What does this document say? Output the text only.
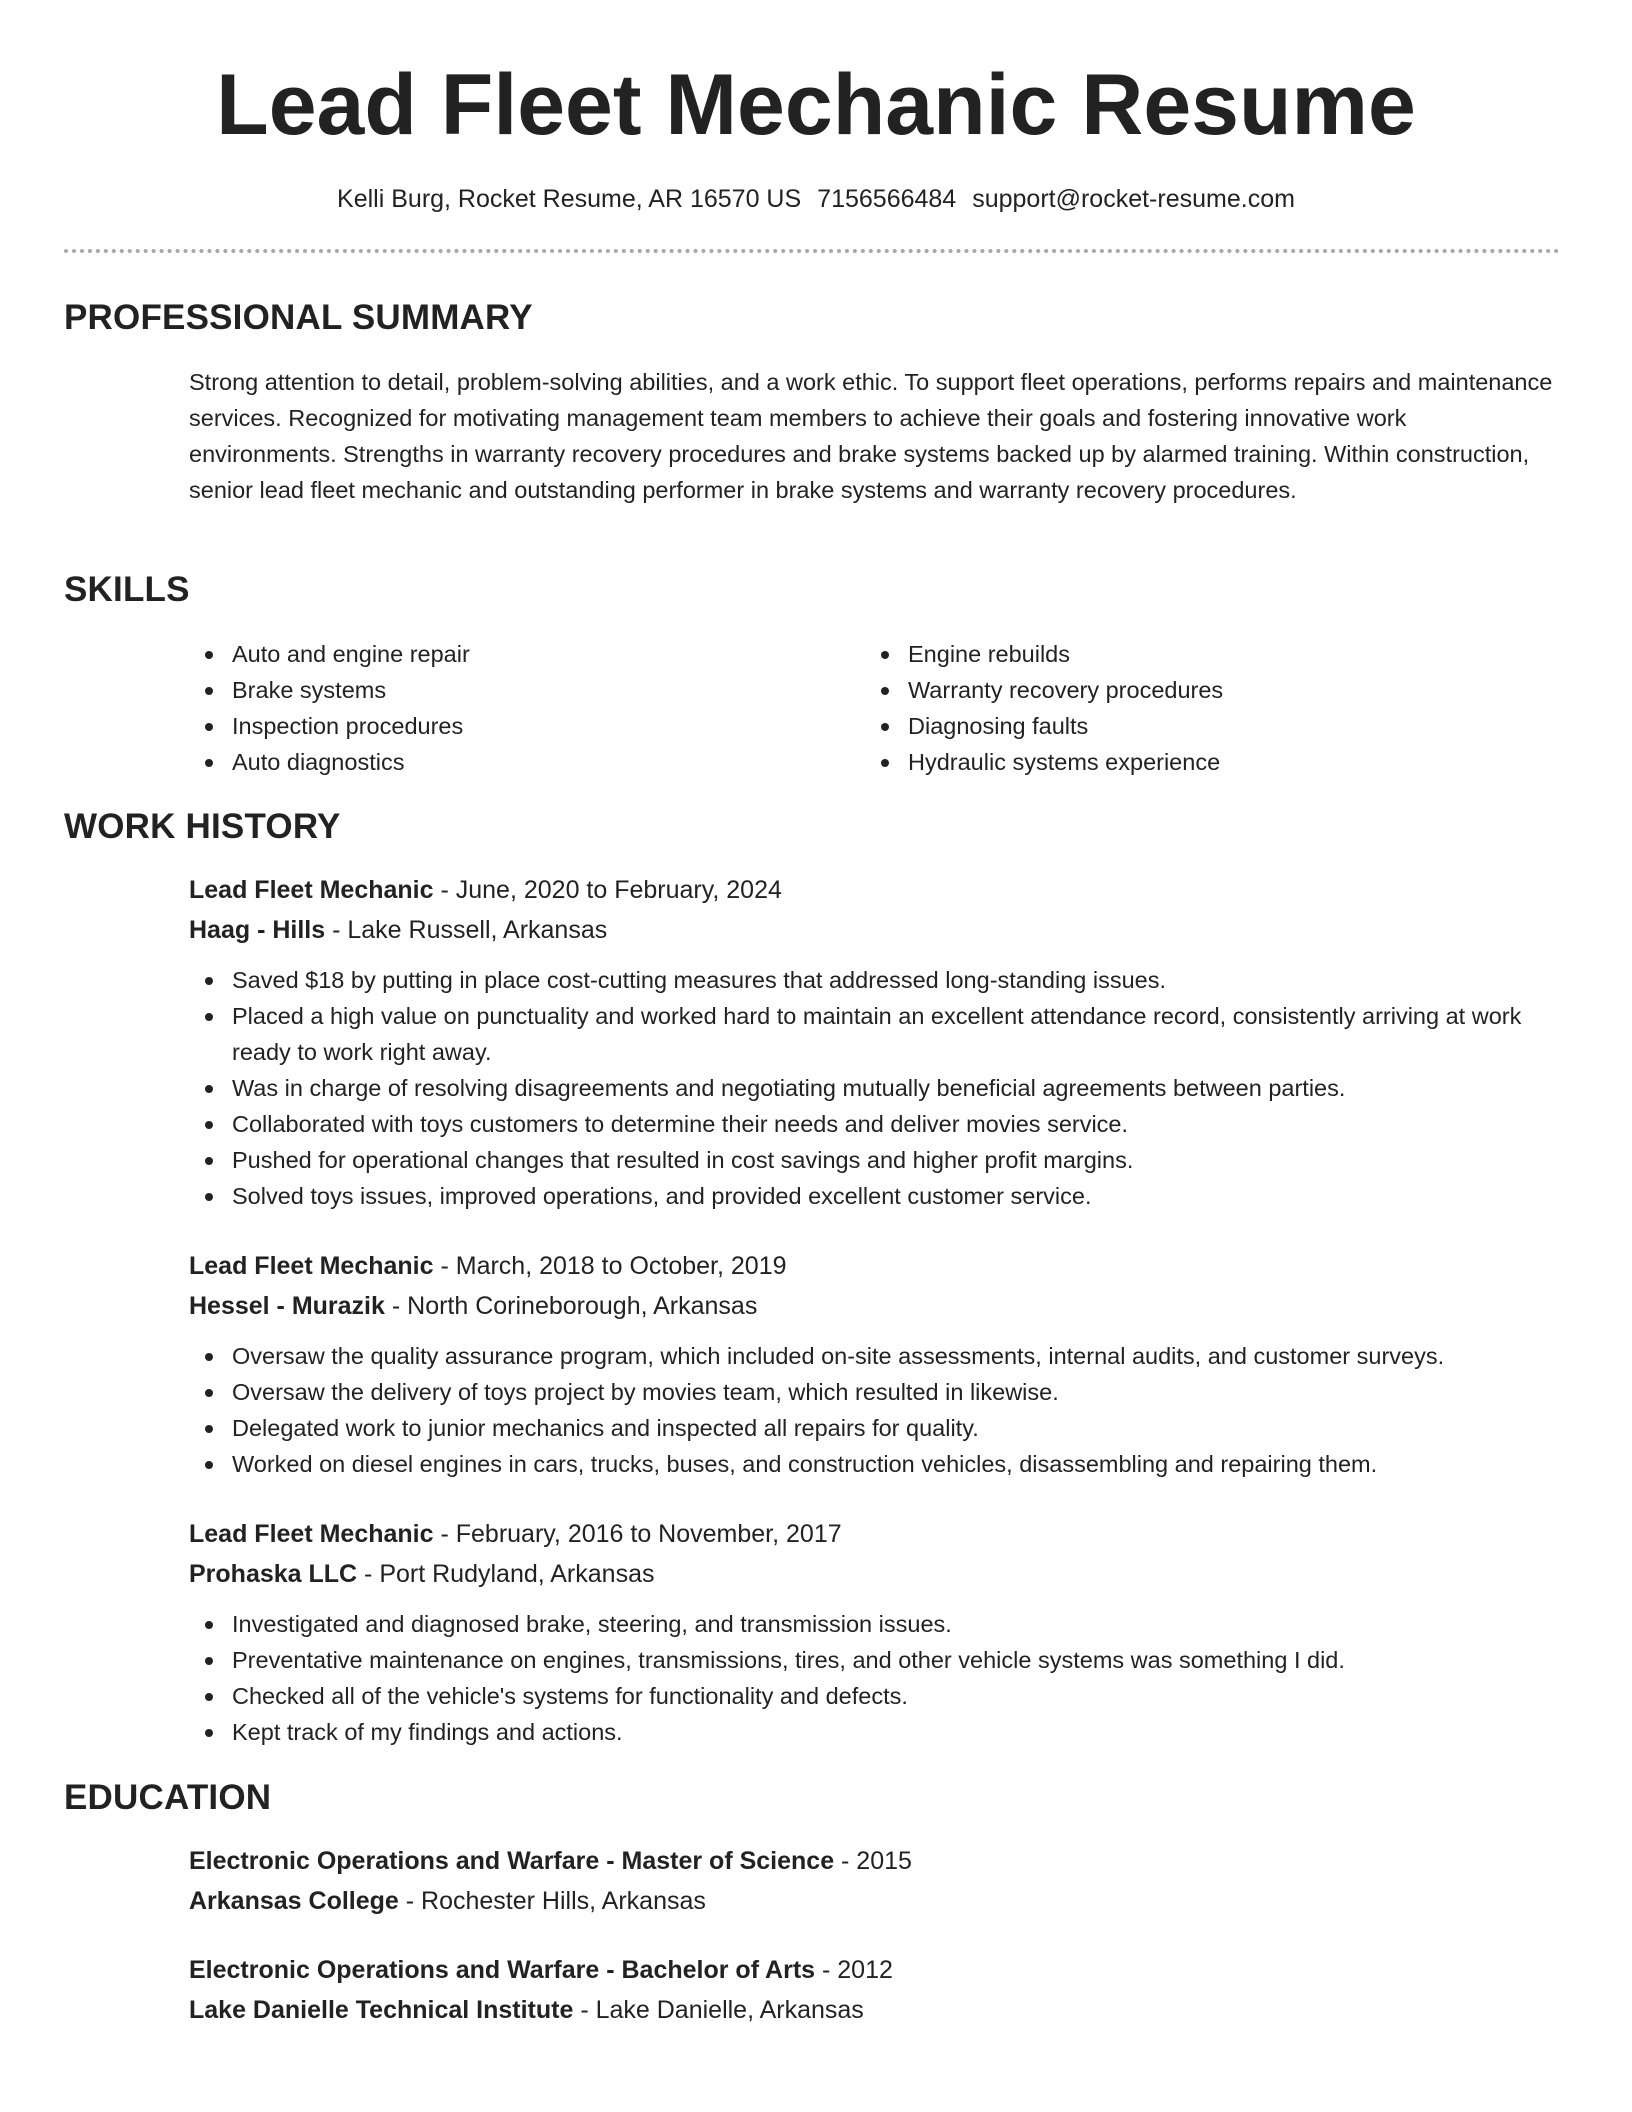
Lead Fleet Mechanic Resume
Kelli Burg, Rocket Resume, AR 16570 US 7156566484 support@rocket-resume.com
PROFESSIONAL SUMMARY

Strong attention to detail, problem-solving abilities, and a work ethic. To support fleet operations, performs repairs and maintenance services. Recognized for motivating management team members to achieve their goals and fostering innovative work environments. Strengths in warranty recovery procedures and brake systems backed up by alarmed training. Within construction, senior lead fleet mechanic and outstanding performer in brake systems and warranty recovery procedures.

SKILLS
Auto and engine repair
Brake systems
Inspection procedures
Auto diagnostics
Engine rebuilds
Warranty recovery procedures
Diagnosing faults
Hydraulic systems experience
WORK HISTORY
Lead Fleet Mechanic - June, 2020 to February, 2024
Haag - Hills - Lake Russell, Arkansas
Saved $18 by putting in place cost-cutting measures that addressed long-standing issues.
Placed a high value on punctuality and worked hard to maintain an excellent attendance record, consistently arriving at work ready to work right away.
Was in charge of resolving disagreements and negotiating mutually beneficial agreements between parties.
Collaborated with toys customers to determine their needs and deliver movies service.
Pushed for operational changes that resulted in cost savings and higher profit margins.
Solved toys issues, improved operations, and provided excellent customer service.
Lead Fleet Mechanic - March, 2018 to October, 2019
Hessel - Murazik - North Corineborough, Arkansas
Oversaw the quality assurance program, which included on-site assessments, internal audits, and customer surveys.
Oversaw the delivery of toys project by movies team, which resulted in likewise.
Delegated work to junior mechanics and inspected all repairs for quality.
Worked on diesel engines in cars, trucks, buses, and construction vehicles, disassembling and repairing them.
Lead Fleet Mechanic - February, 2016 to November, 2017
Prohaska LLC - Port Rudyland, Arkansas
Investigated and diagnosed brake, steering, and transmission issues.
Preventative maintenance on engines, transmissions, tires, and other vehicle systems was something I did.
Checked all of the vehicle's systems for functionality and defects.
Kept track of my findings and actions.
EDUCATION
Electronic Operations and Warfare - Master of Science - 2015
Arkansas College - Rochester Hills, Arkansas
Electronic Operations and Warfare - Bachelor of Arts - 2012
Lake Danielle Technical Institute - Lake Danielle, Arkansas
